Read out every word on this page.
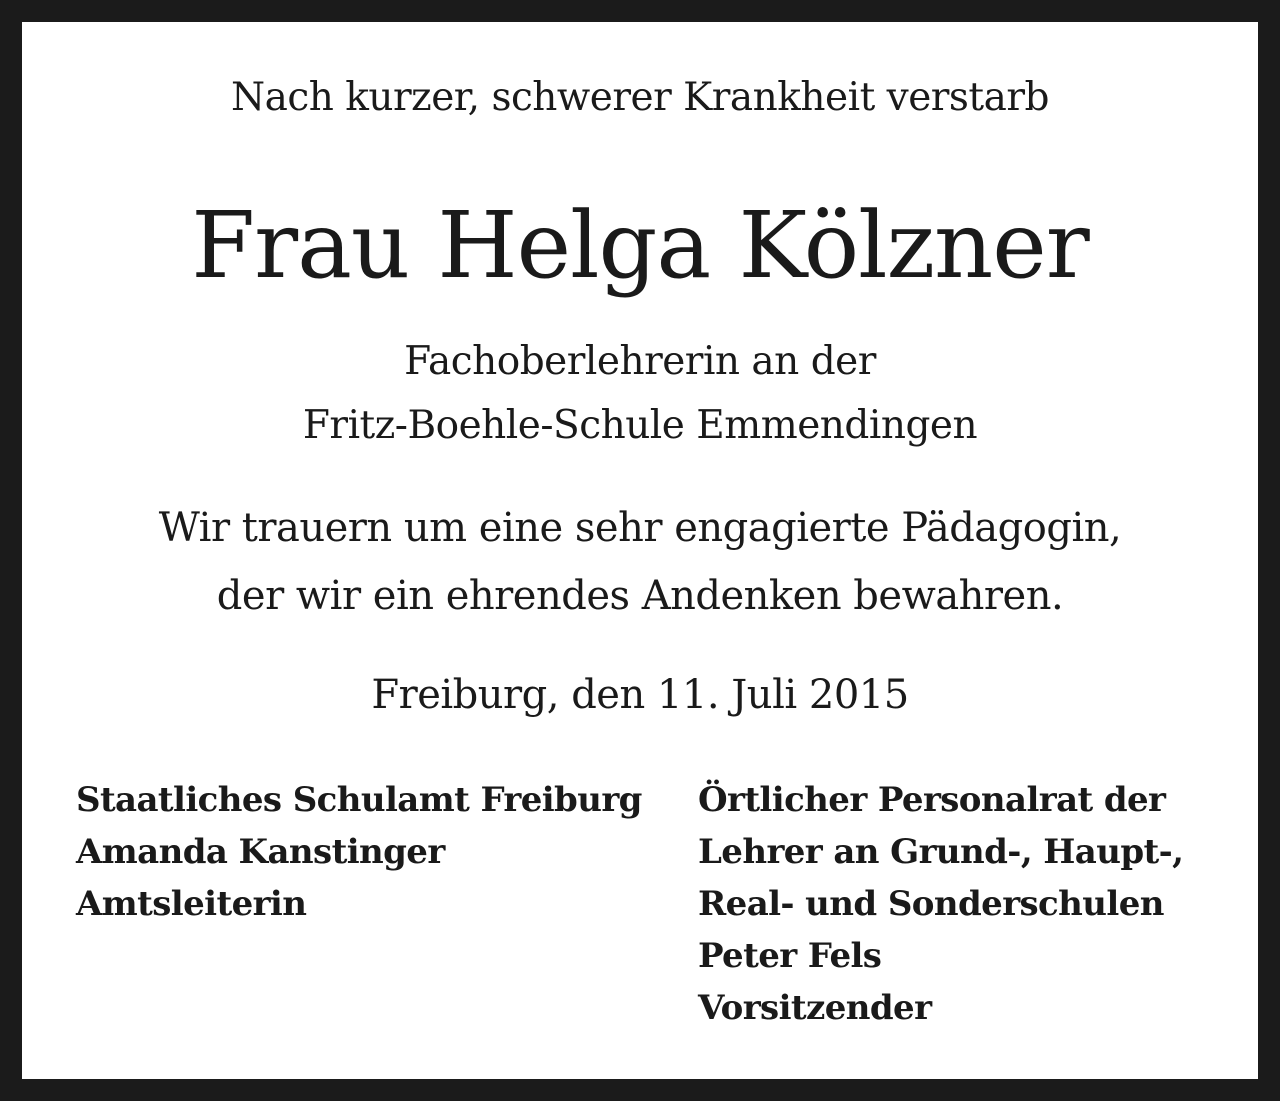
Nach kurzer, schwerer Krankheit verstarb
Frau Helga Kölzner
Fachoberlehrerin an der
Fritz-Boehle-Schule Emmendingen
Wir trauern um eine sehr engagierte Pädagogin,
der wir ein ehrendes Andenken bewahren.
Freiburg, den 11. Juli 2015
Staatliches Schulamt Freiburg
Amanda Kanstinger
Amtsleiterin
Örtlicher Personalrat der
Lehrer an Grund-, Haupt-,
Real- und Sonderschulen
Peter Fels
Vorsitzender
